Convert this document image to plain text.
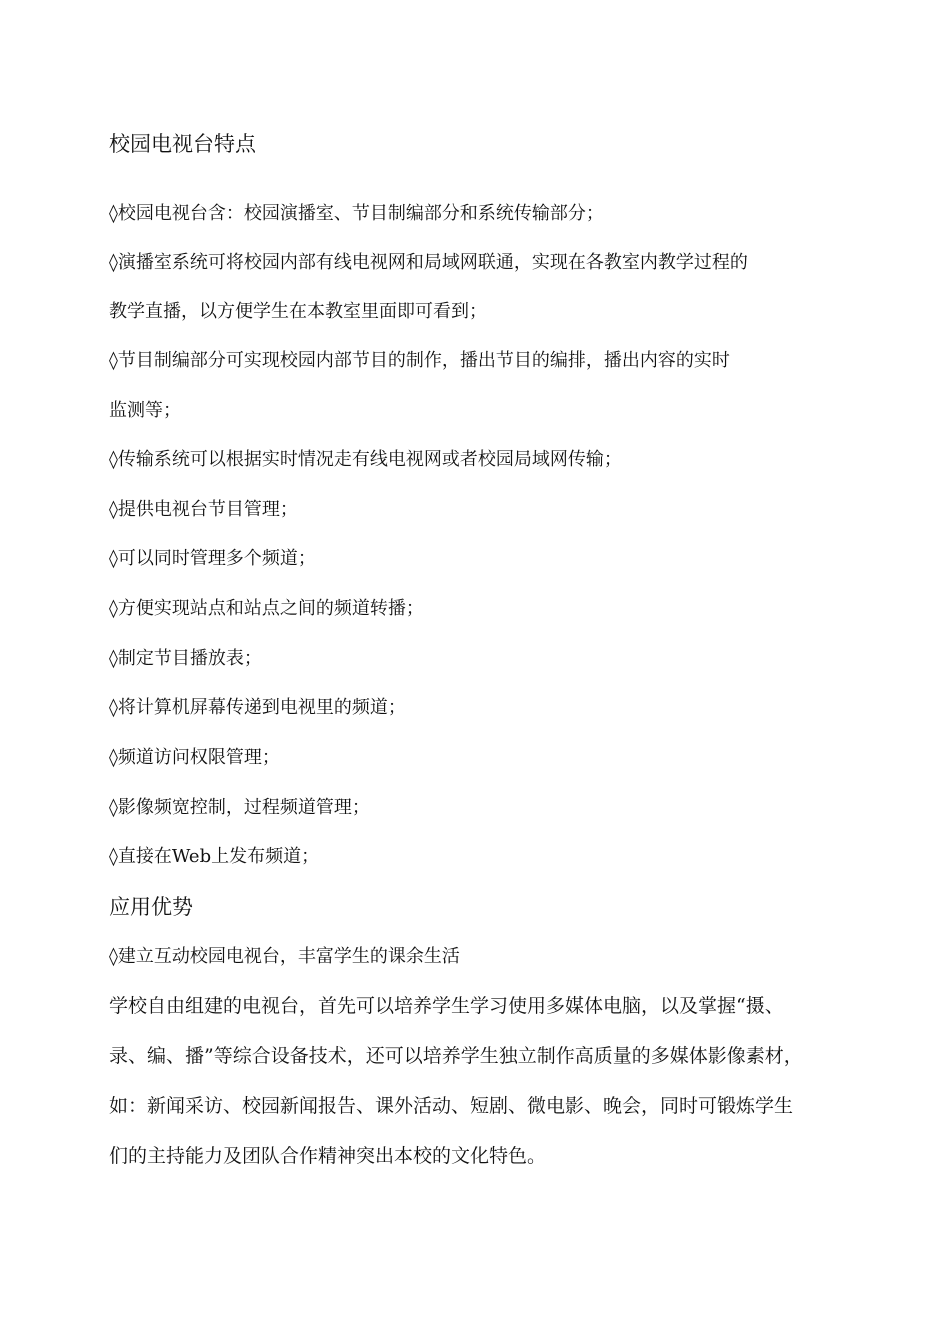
校园电视台特点
◊校园电视台含：校园演播室、节目制编部分和系统传输部分；
◊演播室系统可将校园内部有线电视网和局域网联通，实现在各教室内教学过程的
教学直播，以方便学生在本教室里面即可看到；
◊节目制编部分可实现校园内部节目的制作，播出节目的编排，播出内容的实时
监测等；
◊传输系统可以根据实时情况走有线电视网或者校园局域网传输；
◊提供电视台节目管理；
◊可以同时管理多个频道；
◊方便实现站点和站点之间的频道转播；
◊制定节目播放表；
◊将计算机屏幕传递到电视里的频道；
◊频道访问权限管理；
◊影像频宽控制，过程频道管理；
◊直接在Web上发布频道；
应用优势
◊建立互动校园电视台，丰富学生的课余生活
学校自由组建的电视台，首先可以培养学生学习使用多媒体电脑，以及掌握“摄、
录、编、播”等综合设备技术，还可以培养学生独立制作高质量的多媒体影像素材，
如：新闻采访、校园新闻报告、课外活动、短剧、微电影、晚会，同时可锻炼学生
们的主持能力及团队合作精神突出本校的文化特色。
